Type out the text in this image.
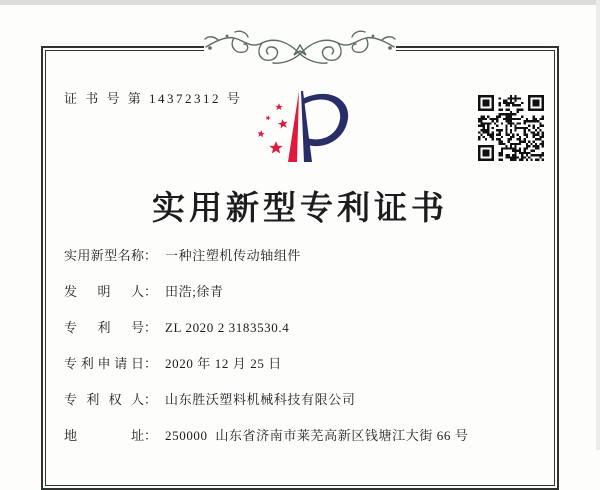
证 书 号 第 14372312 号
实用新型专利证书
实用新型名称： 一种注塑机传动轴组件
发明人： 田浩;徐青
专利号： ZL 2020 2 3183530.4
专利申请日： 2020 年 12 月 25 日
专利权人： 山东胜沃塑料机械科技有限公司
地址： 250000  山东省济南市莱芜高新区钱塘江大街 66 号
